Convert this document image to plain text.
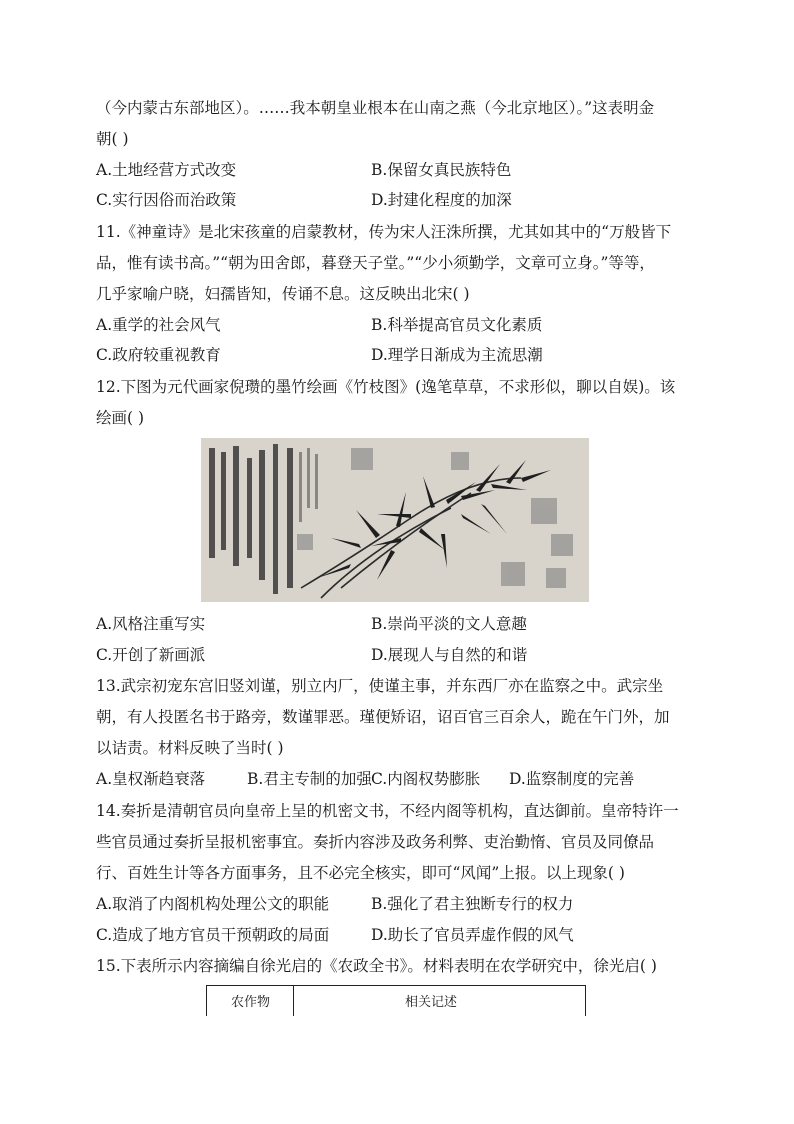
（今内蒙古东部地区）。……我本朝皇业根本在山南之燕（今北京地区）。”这表明金
朝( )
A.土地经营方式改变	B.保留女真民族特色
C.实行因俗而治政策	D.封建化程度的加深
11.《神童诗》是北宋孩童的启蒙教材，传为宋人汪洙所撰，尤其如其中的“万般皆下
品，惟有读书高。”“朝为田舍郎，暮登天子堂。”“少小须勤学，文章可立身。”等等，
几乎家喻户晓，妇孺皆知，传诵不息。这反映出北宋( )
A.重学的社会风气	B.科举提高官员文化素质
C.政府较重视教育	D.理学日渐成为主流思潮
12.下图为元代画家倪瓒的墨竹绘画《竹枝图》(逸笔草草，不求形似，聊以自娱)。该
绘画( )
A.风格注重写实	B.崇尚平淡的文人意趣
C.开创了新画派	D.展现人与自然的和谐
13.武宗初宠东宫旧竖刘谨，别立内厂，使谨主事，并东西厂亦在监察之中。武宗坐
朝，有人投匿名书于路旁，数谨罪恶。瑾便矫诏，诏百官三百余人，跪在午门外，加
以诘责。材料反映了当时( )
A.皇权渐趋衰落	B.君主专制的加强 C.内阁权势膨胀 D.监察制度的完善
14.奏折是清朝官员向皇帝上呈的机密文书，不经内阁等机构，直达御前。皇帝特许一
些官员通过奏折呈报机密事宜。奏折内容涉及政务利弊、吏治勤惰、官员及同僚品
行、百姓生计等各方面事务，且不必完全核实，即可“风闻”上报。以上现象( )
A.取消了内阁机构处理公文的职能	B.强化了君主独断专行的权力
C.造成了地方官员干预朝政的局面	D.助长了官员弄虚作假的风气
15.下表所示内容摘编自徐光启的《农政全书》。材料表明在农学研究中，徐光启( )
农作物	相关记述
